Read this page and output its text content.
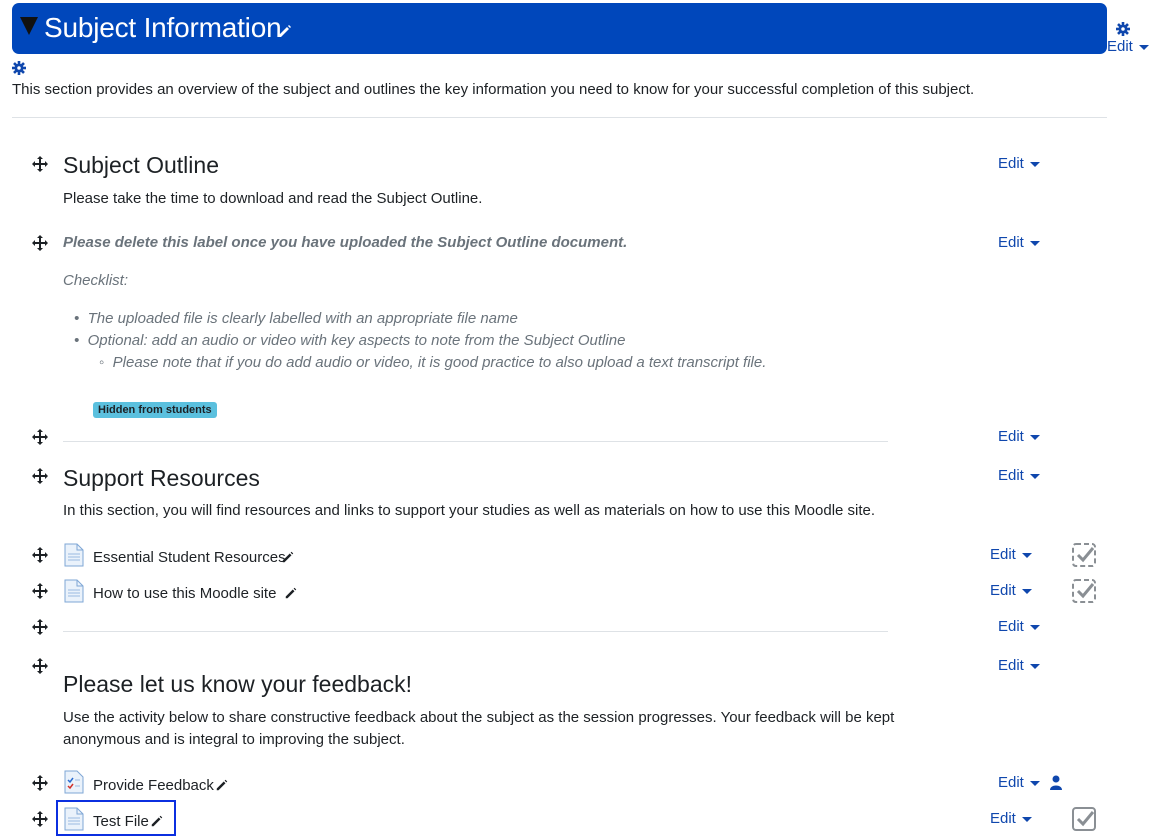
Subject Information
Edit
This section provides an overview of the subject and outlines the key information you need to know for your successful completion of this subject.
Subject Outline
Please take the time to download and read the Subject Outline.
Edit
Please delete this label once you have uploaded the Subject Outline document.	Edit
Checklist:
•  The uploaded file is clearly labelled with an appropriate file name
•  Optional: add an audio or video with key aspects to note from the Subject Outline
◦  Please note that if you do add audio or video, it is good practice to also upload a text transcript file.
Hidden from students
Edit
Support Resources	Edit
In this section, you will find resources and links to support your studies as well as materials on how to use this Moodle site.
Essential Student Resources	Edit
How to use this Moodle site	Edit
Edit
Edit
Please let us know your feedback!
Use the activity below to share constructive feedback about the subject as the session progresses. Your feedback will be kept
anonymous and is integral to improving the subject.
Provide Feedback	Edit
Test File	Edit
